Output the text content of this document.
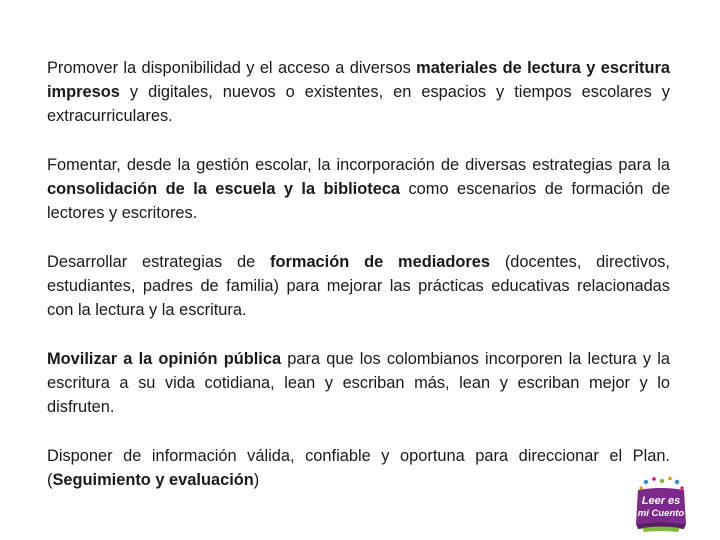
Promover la disponibilidad y el acceso a diversos materiales de lectura y escritura impresos y digitales, nuevos o existentes, en espacios y tiempos escolares y extracurriculares.

Fomentar, desde la gestión escolar, la incorporación de diversas estrategias para la consolidación de la escuela y la biblioteca como escenarios de formación de lectores y escritores.

Desarrollar estrategias de formación de mediadores (docentes, directivos, estudiantes, padres de familia) para mejorar las prácticas educativas relacionadas con la lectura y la escritura.

Movilizar a la opinión pública para que los colombianos incorporen la lectura y la escritura a su vida cotidiana, lean y escriban más, lean y escriban mejor y lo disfruten.

Disponer de información válida, confiable y oportuna para direccionar el Plan. (Seguimiento y evaluación)

Leer es
mi Cuento
